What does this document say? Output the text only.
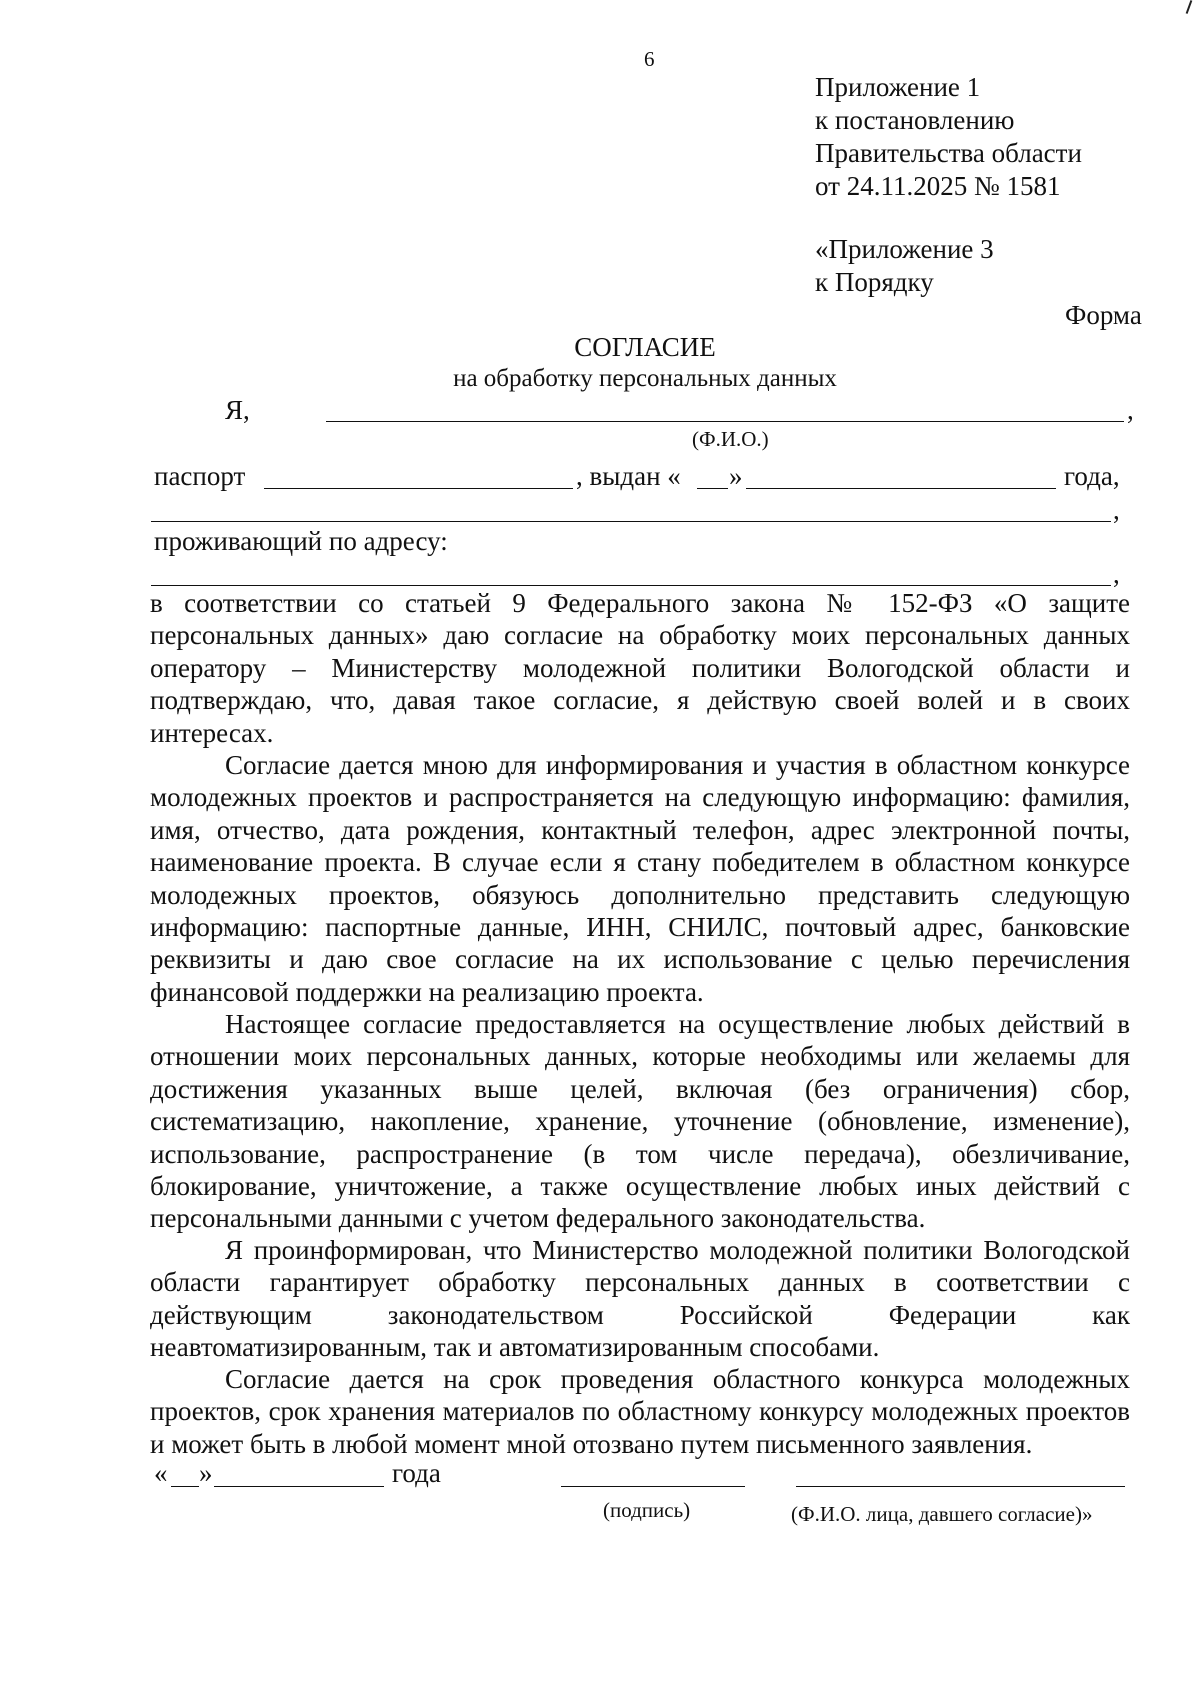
6
Приложение 1
к постановлению
Правительства области
от 24.11.2025 № 1581
«Приложение 3
к Порядку
Форма
СОГЛАСИЕ
на обработку персональных данных
Я,	,
(Ф.И.О.)
паспорт	, выдан « »	года,
,
проживающий по адресу:
,
в соответствии со статьей 9 Федерального закона № 152-ФЗ «О защите персональных данных» даю согласие на обработку моих персональных данных оператору – Министерству молодежной политики Вологодской области и подтверждаю, что, давая такое согласие, я действую своей волей и в своих интересах.
Согласие дается мною для информирования и участия в областном конкурсе молодежных проектов и распространяется на следующую информацию: фамилия, имя, отчество, дата рождения, контактный телефон, адрес электронной почты, наименование проекта. В случае если я стану победителем в областном конкурсе молодежных проектов, обязуюсь дополнительно представить следующую информацию: паспортные данные, ИНН, СНИЛС, почтовый адрес, банковские реквизиты и даю свое согласие на их использование с целью перечисления финансовой поддержки на реализацию проекта.
Настоящее согласие предоставляется на осуществление любых действий в отношении моих персональных данных, которые необходимы или желаемы для достижения указанных выше целей, включая (без ограничения) сбор, систематизацию, накопление, хранение, уточнение (обновление, изменение), использование, распространение (в том числе передача), обезличивание, блокирование, уничтожение, а также осуществление любых иных действий с персональными данными с учетом федерального законодательства.
Я проинформирован, что Министерство молодежной политики Вологодской области гарантирует обработку персональных данных в соответствии с действующим законодательством Российской Федерации как неавтоматизированным, так и автоматизированным способами.
Согласие дается на срок проведения областного конкурса молодежных проектов, срок хранения материалов по областному конкурсу молодежных проектов и может быть в любой момент мной отозвано путем письменного заявления.
« »	года
(подпись)	(Ф.И.О. лица, давшего согласие)»
